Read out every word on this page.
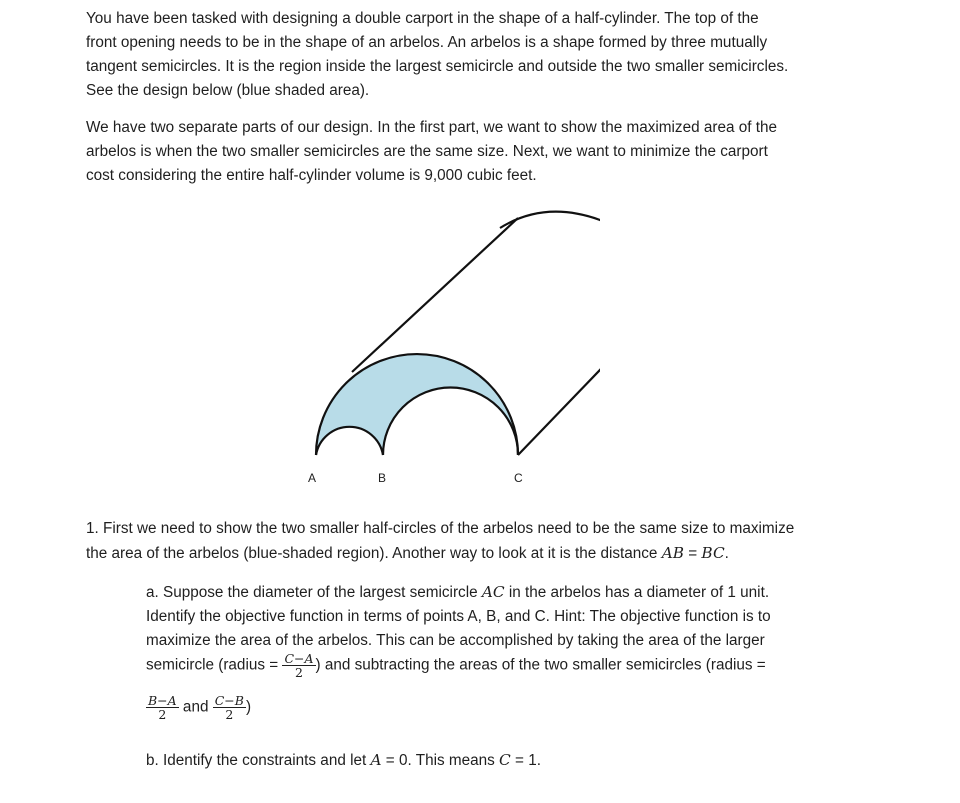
You have been tasked with designing a double carport in the shape of a half-cylinder. The top of the
front opening needs to be in the shape of an arbelos. An arbelos is a shape formed by three mutually
tangent semicircles. It is the region inside the largest semicircle and outside the two smaller semicircles.
See the design below (blue shaded area).

We have two separate parts of our design. In the first part, we want to show the maximized area of the
arbelos is when the two smaller semicircles are the same size. Next, we want to minimize the carport
cost considering the entire half-cylinder volume is 9,000 cubic feet.

A	B	C

1. First we need to show the two smaller half-circles of the arbelos need to be the same size to maximize
the area of the arbelos (blue-shaded region). Another way to look at it is the distance AB = BC.

a. Suppose the diameter of the largest semicircle AC in the arbelos has a diameter of 1 unit.
Identify the objective function in terms of points A, B, and C. Hint: The objective function is to
maximize the area of the arbelos. This can be accomplished by taking the area of the larger

semicircle (radius = $\frac{C-A}{2}$ ) and subtracting the areas of the two smaller semicircles (radius =
$\frac{B-A}{2}$ and $\frac{C-B}{2}$ )

b. Identify the constraints and let A = 0. This means C = 1.
